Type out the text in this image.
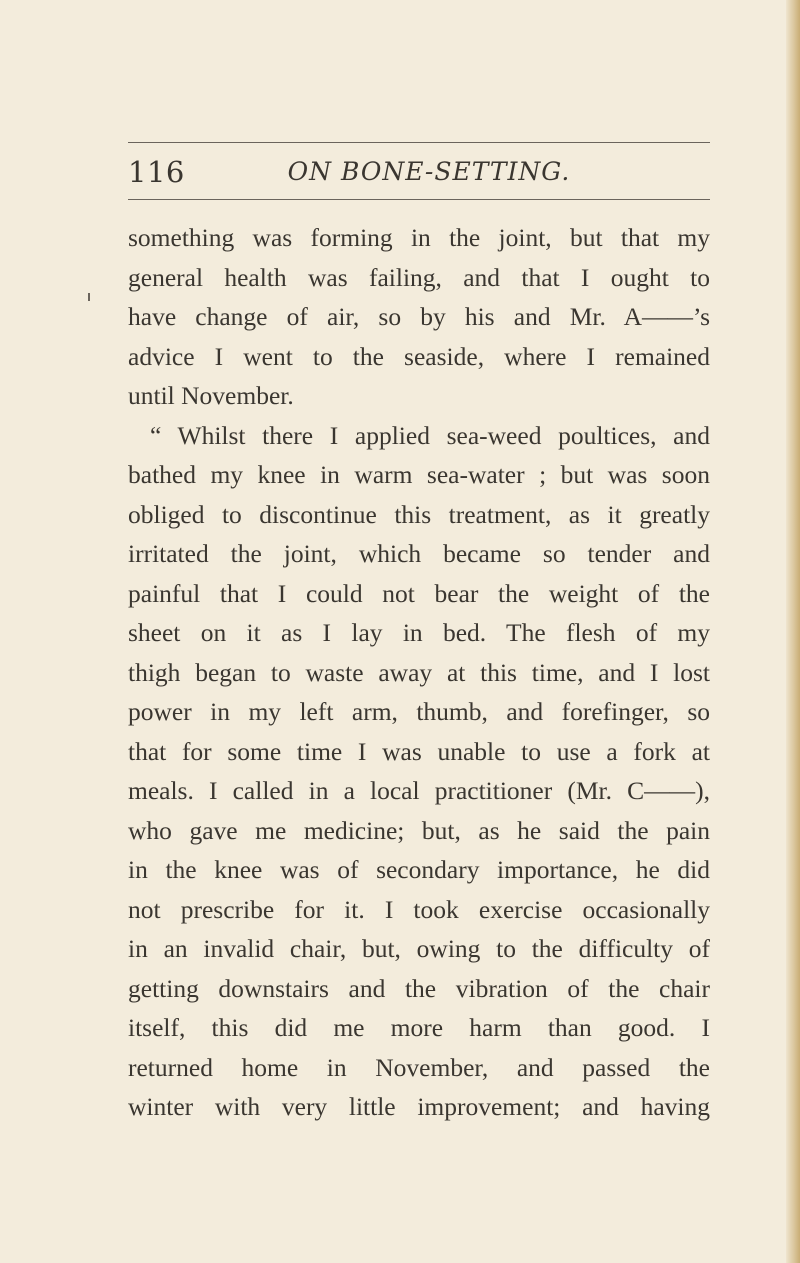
116	ON BONE-SETTING.
something was forming in the joint, but that my
general health was failing, and that I ought to
have change of air, so by his and Mr. A——’s
advice I went to the seaside, where I remained
until November.
“ Whilst there I applied sea-weed poultices, and
bathed my knee in warm sea-water ; but was soon
obliged to discontinue this treatment, as it greatly
irritated the joint, which became so tender and
painful that I could not bear the weight of the
sheet on it as I lay in bed. The flesh of my
thigh began to waste away at this time, and I lost
power in my left arm, thumb, and forefinger, so
that for some time I was unable to use a fork at
meals. I called in a local practitioner (Mr. C——),
who gave me medicine; but, as he said the pain
in the knee was of secondary importance, he did
not prescribe for it. I took exercise occasionally
in an invalid chair, but, owing to the difficulty of
getting downstairs and the vibration of the chair
itself, this did me more harm than good. I
returned home in November, and passed the
winter with very little improvement; and having
